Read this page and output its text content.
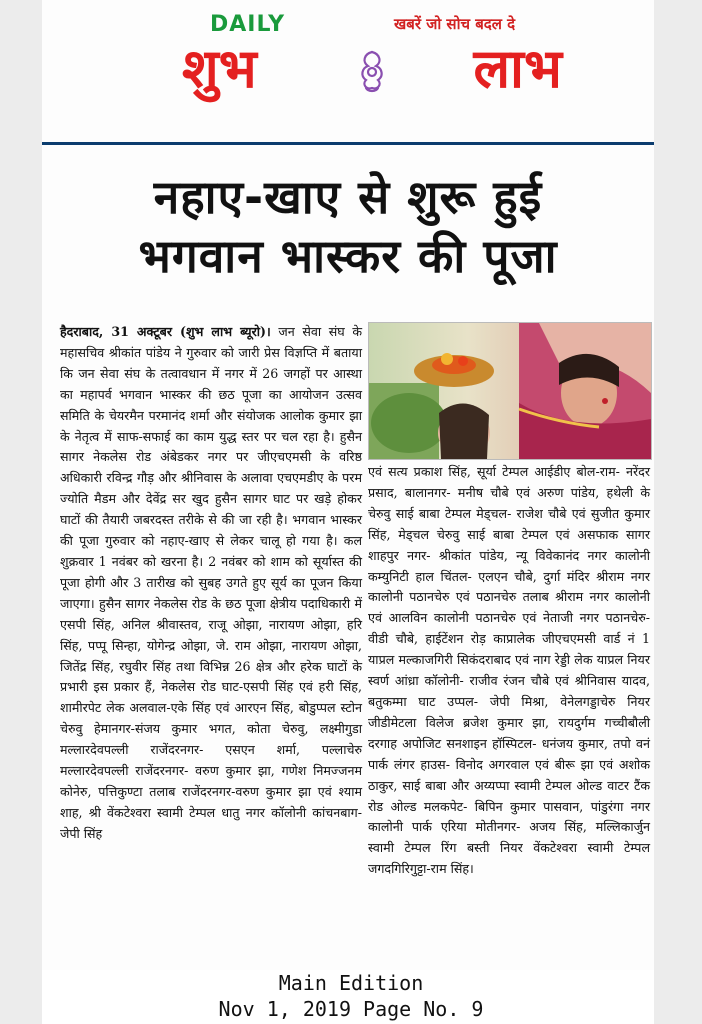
DAILY	खबरें जो सोच बदल दे
शुभ	लाभ
नहाए-खाए से शुरू हुई
भगवान भास्कर की पूजा
हैदराबाद, 31 अक्टूबर (शुभ लाभ ब्यूरो)। जन सेवा संघ के महासचिव श्रीकांत पांडेय ने गुरुवार को जारी प्रेस विज्ञप्ति में बताया कि जन सेवा संघ के तत्वावधान में नगर में 26 जगहों पर आस्था का महापर्व भगवान भास्कर की छठ पूजा का आयोजन उत्सव समिति के चेयरमैन परमानंद शर्मा और संयोजक आलोक कुमार झा के नेतृत्व में साफ-सफाई का काम युद्ध स्तर पर चल रहा है। हुसैन सागर नेकलेस रोड अंबेडकर नगर पर जीएचएमसी के वरिष्ठ अधिकारी रविन्द्र गौड़ और श्रीनिवास के अलावा एचएमडीए के परम ज्योति मैडम और देवेंद्र सर खुद हुसैन सागर घाट पर खड़े होकर घाटों की तैयारी जबरदस्त तरीके से की जा रही है। भगवान भास्कर की पूजा गुरुवार को नहाए-खाए से लेकर चालू हो गया है। कल शुक्रवार 1 नवंबर को खरना है। 2 नवंबर को शाम को सूर्यास्त की पूजा होगी और 3 तारीख को सुबह उगते हुए सूर्य का पूजन किया जाएगा। हुसैन सागर नेकलेस रोड के छठ पूजा क्षेत्रीय पदाधिकारी में एसपी सिंह, अनिल श्रीवास्तव, राजू ओझा, नारायण ओझा, हरि सिंह, पप्पू सिन्हा, योगेन्द्र ओझा, जे. राम ओझा, नारायण ओझा, जितेंद्र सिंह, रघुवीर सिंह तथा विभिन्न 26 क्षेत्र और हरेक घाटों के प्रभारी इस प्रकार हैं, नेकलेस रोड घाट-एसपी सिंह एवं हरी सिंह, शामीरपेट लेक अलवाल-एके सिंह एवं आरएन सिंह, बोडुप्पल स्टोन चेरुवु हेमानगर-संजय कुमार भगत, कोता चेरुवु, लक्ष्मीगुडा मल्लारदेवपल्ली राजेंदरनगर- एसएन शर्मा, पल्लाचेरु मल्लारदेवपल्ली राजेंदरनगर- वरुण कुमार झा, गणेश निमज्जनम कोनेरु, पत्तिकुण्टा तलाब राजेंदरनगर-वरुण कुमार झा एवं श्याम शाह, श्री वेंकटेश्वरा स्वामी टेम्पल धातु नगर कॉलोनी कांचनबाग- जेपी सिंह
एवं सत्य प्रकाश सिंह, सूर्या टेम्पल आईडीए बोल-राम- नरेंदर प्रसाद, बालानगर- मनीष चौबे एवं अरुण पांडेय, हथेली के चेरुवु साई बाबा टेम्पल मेड्चल- राजेश चौबे एवं सुजीत कुमार सिंह, मेड्चल चेरुवु साई बाबा टेम्पल एवं असफाक सागर शाहपुर नगर- श्रीकांत पांडेय, न्यू विवेकानंद नगर कालोनी कम्युनिटी हाल चिंतल- एलएन चौबे, दुर्गा मंदिर श्रीराम नगर कालोनी पठानचेरु एवं पठानचेरु तलाब श्रीराम नगर कालोनी एवं आलविन कालोनी पठानचेरु एवं नेताजी नगर पठानचेरु- वीडी चौबे, हाईटेंशन रोड़ काप्रालेक जीएचएमसी वार्ड नं 1 याप्रल मल्काजगिरी सिकंदराबाद एवं नाग रेड्डी लेक याप्रल नियर स्वर्ण आंध्रा कॉलोनी- राजीव रंजन चौबे एवं श्रीनिवास यादव, बतुकम्मा घाट उप्पल- जेपी मिश्रा, वेनेलगड्डाचेरु नियर जीडीमेटला विलेज ब्रजेश कुमार झा, रायदुर्गम गच्चीबौली दरगाह अपोजिट सनशाइन हॉस्पिटल- धनंजय कुमार, तपो वनं पार्क लंगर हाउस- विनोद अगरवाल एवं बीरू झा एवं अशोक ठाकुर, साई बाबा और अय्यप्पा स्वामी टेम्पल ओल्ड वाटर टैंक रोड ओल्ड मलकपेट- बिपिन कुमार पासवान, पांडुरंगा नगर कालोनी पार्क एरिया मोतीनगर- अजय सिंह, मल्लिकार्जुन स्वामी टेम्पल रिंग बस्ती नियर वेंकटेश्वरा स्वामी टेम्पल जगदगिरिगुट्टा-राम सिंह।
Main Edition
Nov 1, 2019 Page No. 9
